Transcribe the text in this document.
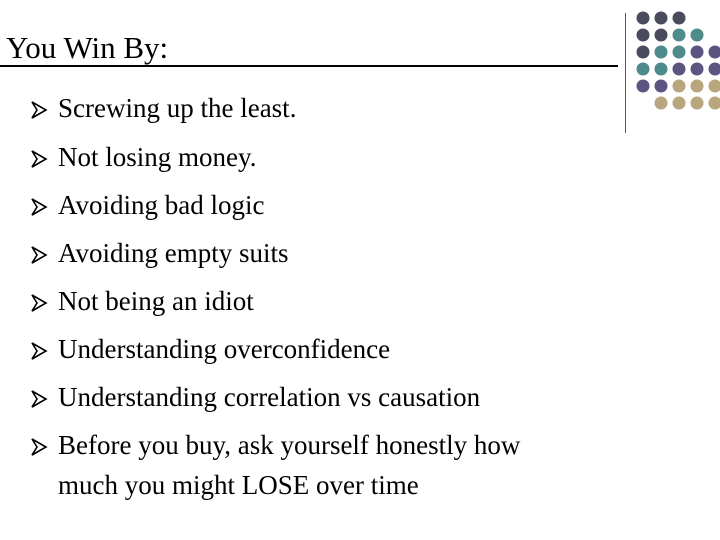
You Win By:
Screwing up the least.
Not losing money.
Avoiding bad logic
Avoiding empty suits
Not being an idiot
Understanding overconfidence
Understanding correlation vs causation
Before you buy, ask yourself honestly how
much you might LOSE over time
